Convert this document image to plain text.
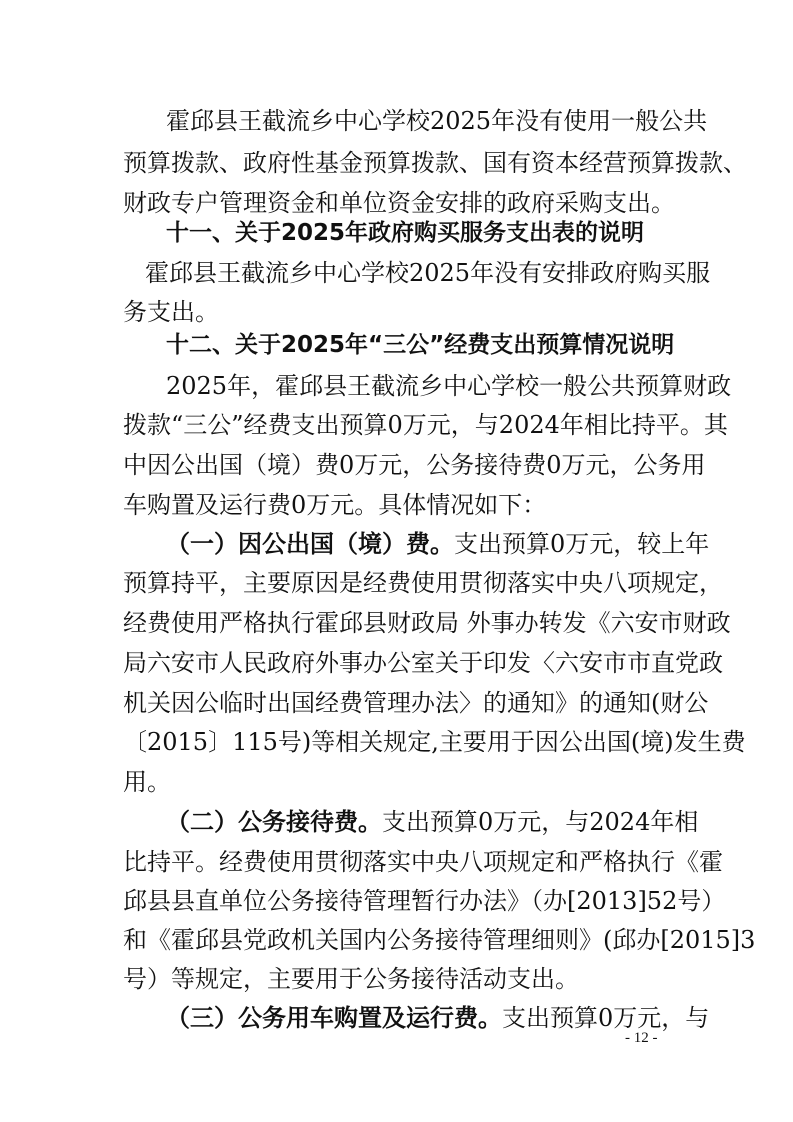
霍邱县王截流乡中心学校2025年没有使用一般公共
预算拨款、政府性基金预算拨款、国有资本经营预算拨款、
财政专户管理资金和单位资金安排的政府采购支出。
十一、关于2025年政府购买服务支出表的说明
霍邱县王截流乡中心学校2025年没有安排政府购买服
务支出。
十二、关于2025年“三公”经费支出预算情况说明
2025年，霍邱县王截流乡中心学校一般公共预算财政
拨款“三公”经费支出预算0万元，与2024年相比持平。其
中因公出国（境）费0万元，公务接待费0万元，公务用
车购置及运行费0万元。具体情况如下：
（一）因公出国（境）费。支出预算0万元，较上年
预算持平，主要原因是经费使用贯彻落实中央八项规定，
经费使用严格执行霍邱县财政局 外事办转发《六安市财政
局六安市人民政府外事办公室关于印发〈六安市市直党政
机关因公临时出国经费管理办法〉的通知》的通知(财公
〔2015〕115号)等相关规定,主要用于因公出国(境)发生费
用。
（二）公务接待费。支出预算0万元，与2024年相
比持平。经费使用贯彻落实中央八项规定和严格执行《霍
邱县县直单位公务接待管理暂行办法》（办[2013]52号）
和《霍邱县党政机关国内公务接待管理细则》(邱办[2015]3
号）等规定，主要用于公务接待活动支出。
（三）公务用车购置及运行费。支出预算0万元，与
- 12 -
